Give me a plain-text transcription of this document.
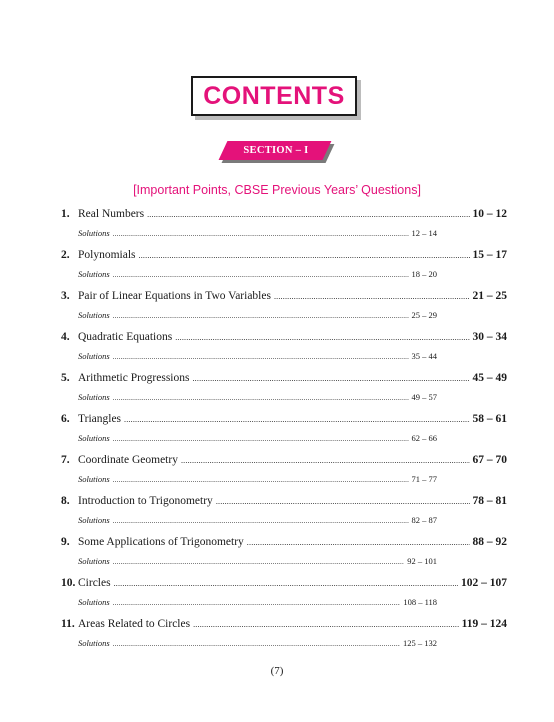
CONTENTS
SECTION – I
[Important Points, CBSE Previous Years’ Questions]
1. Real Numbers .....	10 – 12
Solutions .....	12 – 14
2. Polynomials .....	15 – 17
Solutions .....	18 – 20
3. Pair of Linear Equations in Two Variables .....	21 – 25
Solutions .....	25 – 29
4. Quadratic Equations .....	30 – 34
Solutions .....	35 – 44
5. Arithmetic Progressions .....	45 – 49
Solutions .....	49 – 57
6. Triangles .....	58 – 61
Solutions .....	62 – 66
7. Coordinate Geometry .....	67 – 70
Solutions .....	71 – 77
8. Introduction to Trigonometry .....	78 – 81
Solutions .....	82 – 87
9. Some Applications of Trigonometry .....	88 – 92
Solutions .....	92 – 101
10. Circles .....	102 – 107
Solutions .....	108 – 118
11. Areas Related to Circles .....	119 – 124
Solutions .....	125 – 132
(7)
